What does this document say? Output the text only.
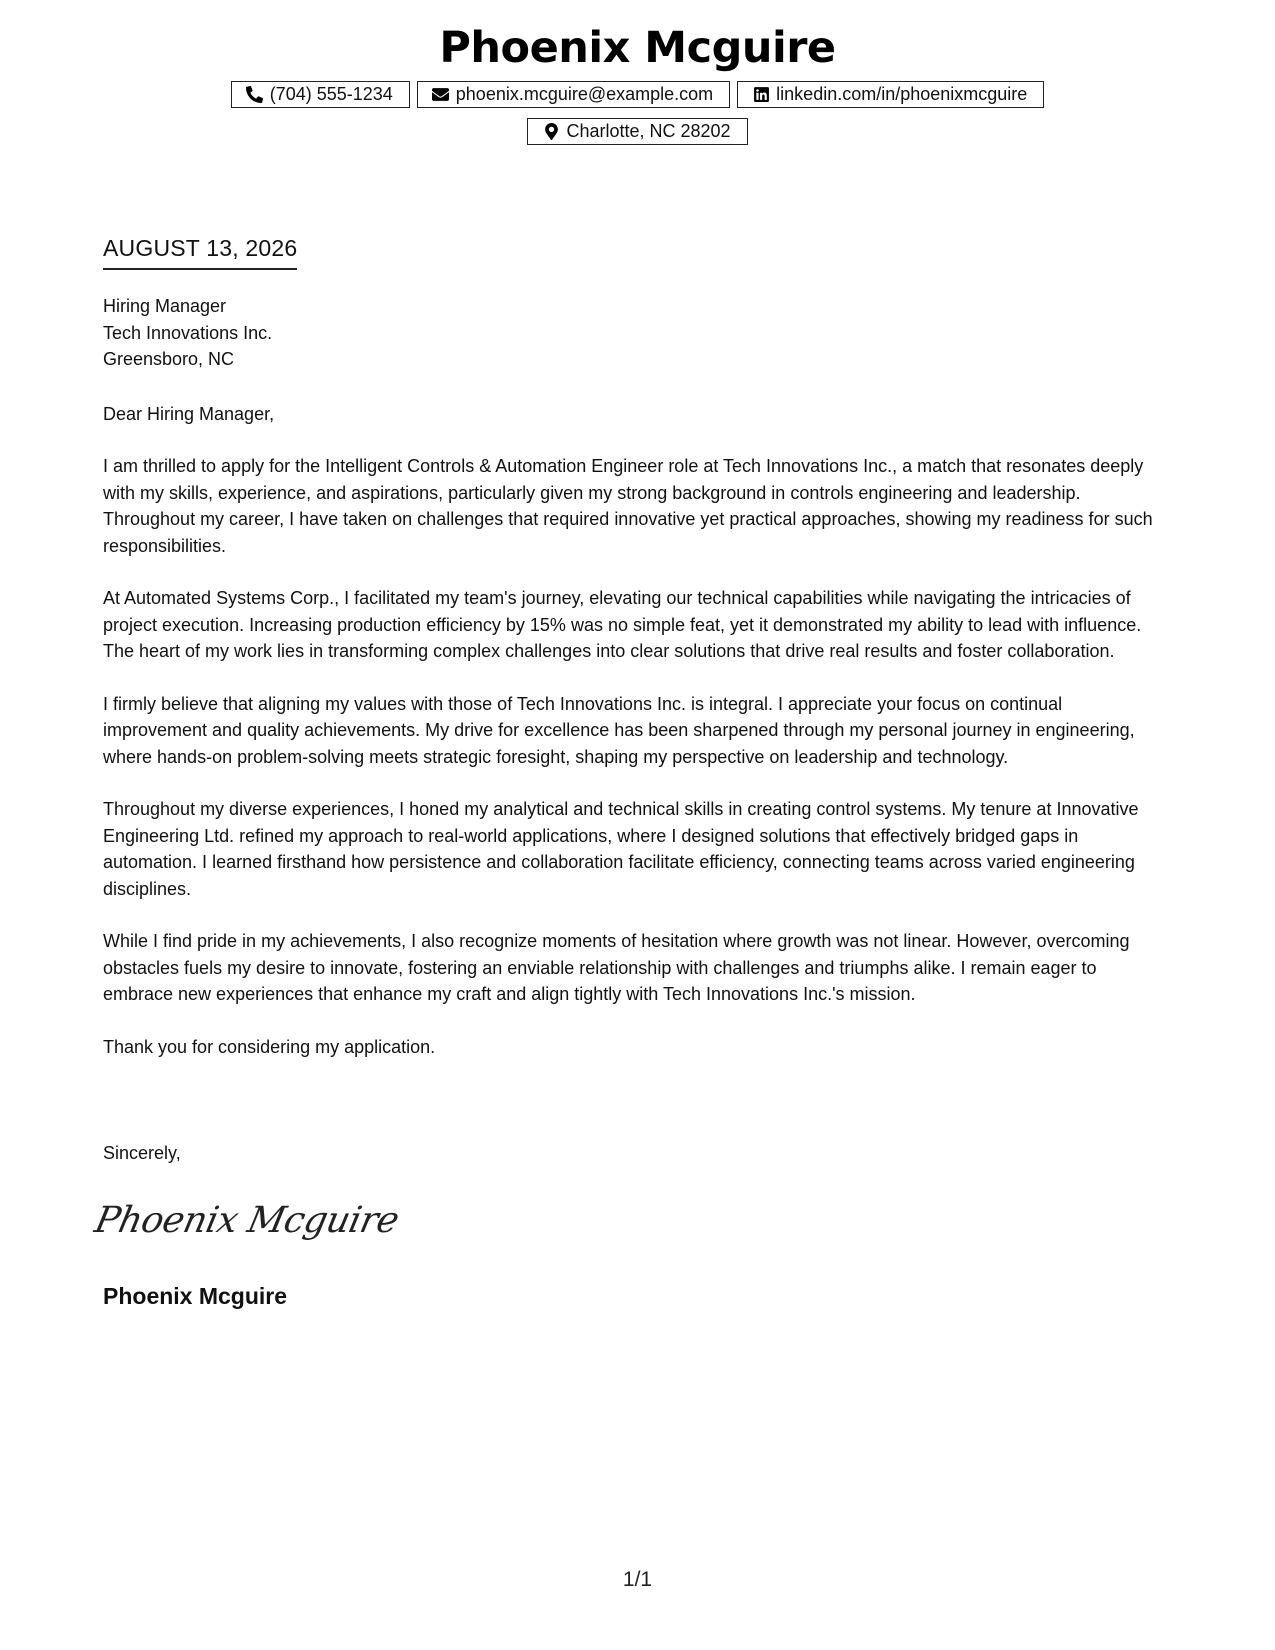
Phoenix Mcguire
(704) 555-1234	phoenix.mcguire@example.com	linkedin.com/in/phoenixmcguire
Charlotte, NC 28202
AUGUST 13, 2026
Hiring Manager
Tech Innovations Inc.
Greensboro, NC
Dear Hiring Manager,

I am thrilled to apply for the Intelligent Controls & Automation Engineer role at Tech Innovations Inc., a match that resonates deeply with my skills, experience, and aspirations, particularly given my strong background in controls engineering and leadership. Throughout my career, I have taken on challenges that required innovative yet practical approaches, showing my readiness for such responsibilities.

At Automated Systems Corp., I facilitated my team's journey, elevating our technical capabilities while navigating the intricacies of project execution. Increasing production efficiency by 15% was no simple feat, yet it demonstrated my ability to lead with influence. The heart of my work lies in transforming complex challenges into clear solutions that drive real results and foster collaboration.

I firmly believe that aligning my values with those of Tech Innovations Inc. is integral. I appreciate your focus on continual improvement and quality achievements. My drive for excellence has been sharpened through my personal journey in engineering, where hands-on problem-solving meets strategic foresight, shaping my perspective on leadership and technology.

Throughout my diverse experiences, I honed my analytical and technical skills in creating control systems. My tenure at Innovative Engineering Ltd. refined my approach to real-world applications, where I designed solutions that effectively bridged gaps in automation. I learned firsthand how persistence and collaboration facilitate efficiency, connecting teams across varied engineering disciplines.

While I find pride in my achievements, I also recognize moments of hesitation where growth was not linear. However, overcoming obstacles fuels my desire to innovate, fostering an enviable relationship with challenges and triumphs alike. I remain eager to embrace new experiences that enhance my craft and align tightly with Tech Innovations Inc.'s mission.

Thank you for considering my application.

Sincerely,
Phoenix Mcguire
Phoenix Mcguire
1/1
